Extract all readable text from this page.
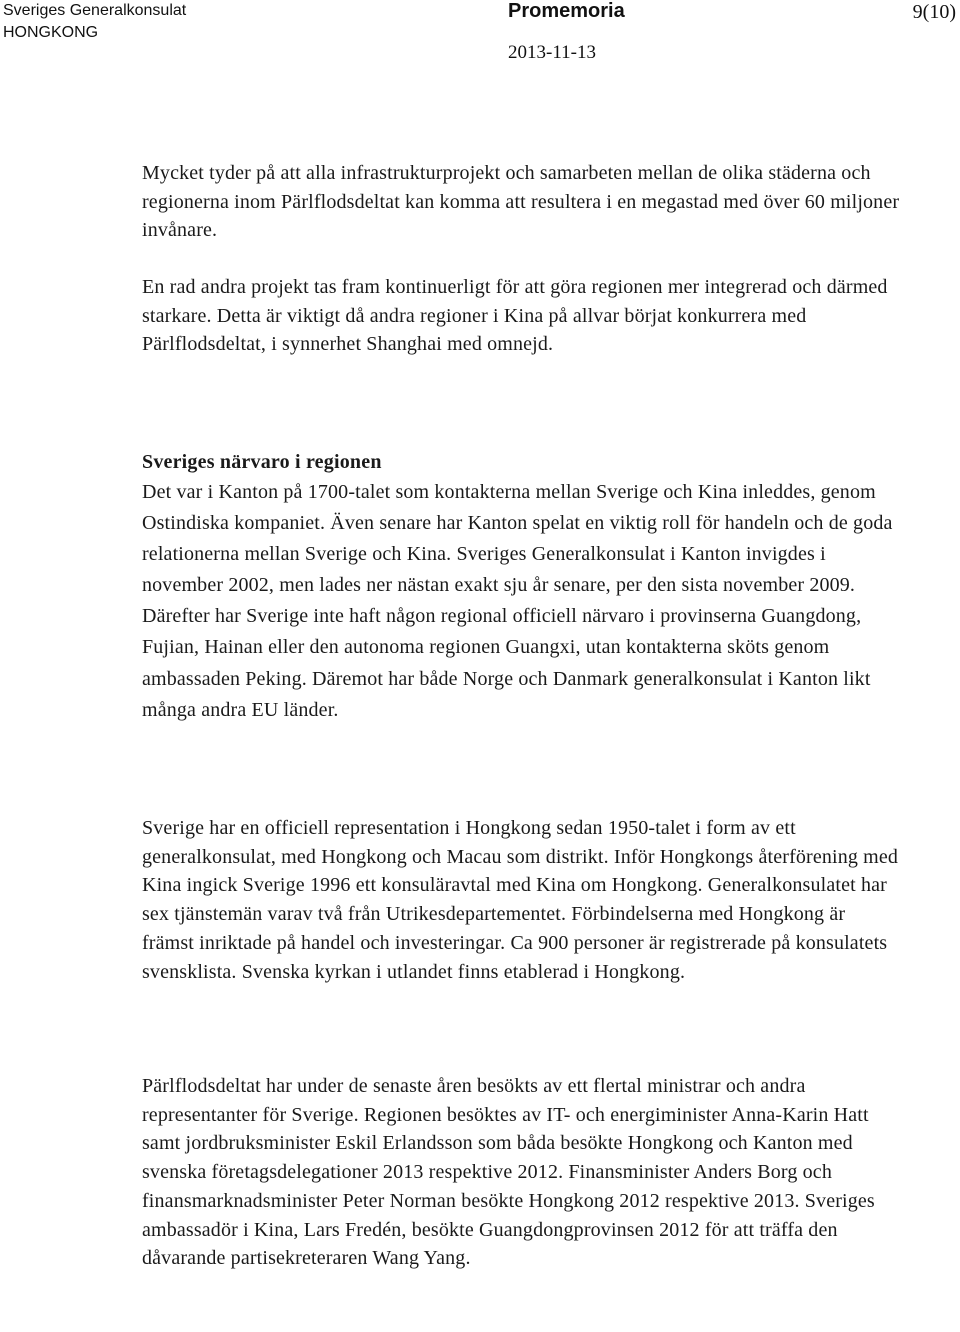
Sveriges Generalkonsulat
HONGKONG
Promemoria
2013-11-13
9(10)

Mycket tyder på att alla infrastrukturprojekt och samarbeten mellan de olika städerna och regionerna inom Pärlflodsdeltat kan komma att resultera i en megastad med över 60 miljoner invånare.

En rad andra projekt tas fram kontinuerligt för att göra regionen mer integrerad och därmed starkare. Detta är viktigt då andra regioner i Kina på allvar börjat konkurrera med Pärlflodsdeltat, i synnerhet Shanghai med omnejd.

Sveriges närvaro i regionen

Det var i Kanton på 1700-talet som kontakterna mellan Sverige och Kina inleddes, genom Ostindiska kompaniet. Även senare har Kanton spelat en viktig roll för handeln och de goda relationerna mellan Sverige och Kina. Sveriges Generalkonsulat i Kanton invigdes i november 2002, men lades ner nästan exakt sju år senare, per den sista november 2009. Därefter har Sverige inte haft någon regional officiell närvaro i provinserna Guangdong, Fujian, Hainan eller den autonoma regionen Guangxi, utan kontakterna sköts genom ambassaden Peking. Däremot har både Norge och Danmark generalkonsulat i Kanton likt många andra EU länder.

Sverige har en officiell representation i Hongkong sedan 1950-talet i form av ett generalkonsulat, med Hongkong och Macau som distrikt. Inför Hongkongs återförening med Kina ingick Sverige 1996 ett konsuläravtal med Kina om Hongkong. Generalkonsulatet har sex tjänstemän varav två från Utrikesdepartementet. Förbindelserna med Hongkong är främst inriktade på handel och investeringar. Ca 900 personer är registrerade på konsulatets svensklista. Svenska kyrkan i utlandet finns etablerad i Hongkong.

Pärlflodsdeltat har under de senaste åren besökts av ett flertal ministrar och andra representanter för Sverige. Regionen besöktes av IT- och energiminister Anna-Karin Hatt samt jordbruksminister Eskil Erlandsson som båda besökte Hongkong och Kanton med svenska företagsdelegationer 2013 respektive 2012. Finansminister Anders Borg och finansmarknadsminister Peter Norman besökte Hongkong 2012 respektive 2013. Sveriges ambassadör i Kina, Lars Fredén, besökte Guangdongprovinsen 2012 för att träffa den dåvarande partisekreteraren Wang Yang.
